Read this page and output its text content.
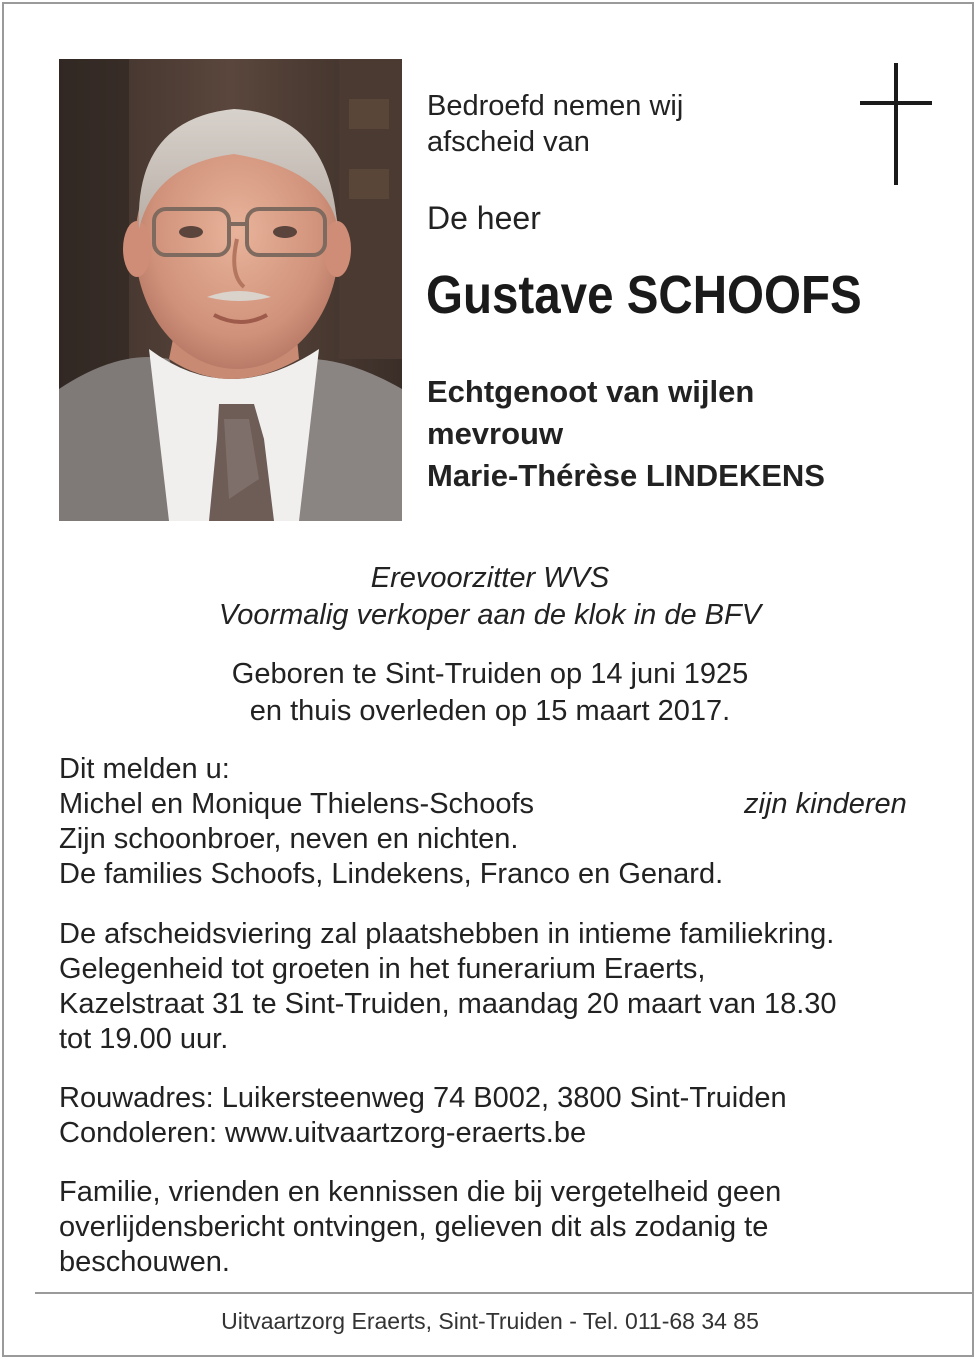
Bedroefd nemen wij
afscheid van
De heer
Gustave SCHOOFS
Echtgenoot van wijlen
mevrouw
Marie-Thérèse LINDEKENS
Erevoorzitter WVS
Voormalig verkoper aan de klok in de BFV
Geboren te Sint-Truiden op 14 juni 1925
en thuis overleden op 15 maart 2017.
Dit melden u:
Michel en Monique Thielens-Schoofs	zijn kinderen
Zijn schoonbroer, neven en nichten.
De families Schoofs, Lindekens, Franco en Genard.
De afscheidsviering zal plaatshebben in intieme familiekring.
Gelegenheid tot groeten in het funerarium Eraerts,
Kazelstraat 31 te Sint-Truiden, maandag 20 maart van 18.30
tot 19.00 uur.
Rouwadres: Luikersteenweg 74 B002, 3800 Sint-Truiden
Condoleren: www.uitvaartzorg-eraerts.be
Familie, vrienden en kennissen die bij vergetelheid geen
overlijdensbericht ontvingen, gelieven dit als zodanig te
beschouwen.
Uitvaartzorg Eraerts, Sint-Truiden - Tel. 011-68 34 85
